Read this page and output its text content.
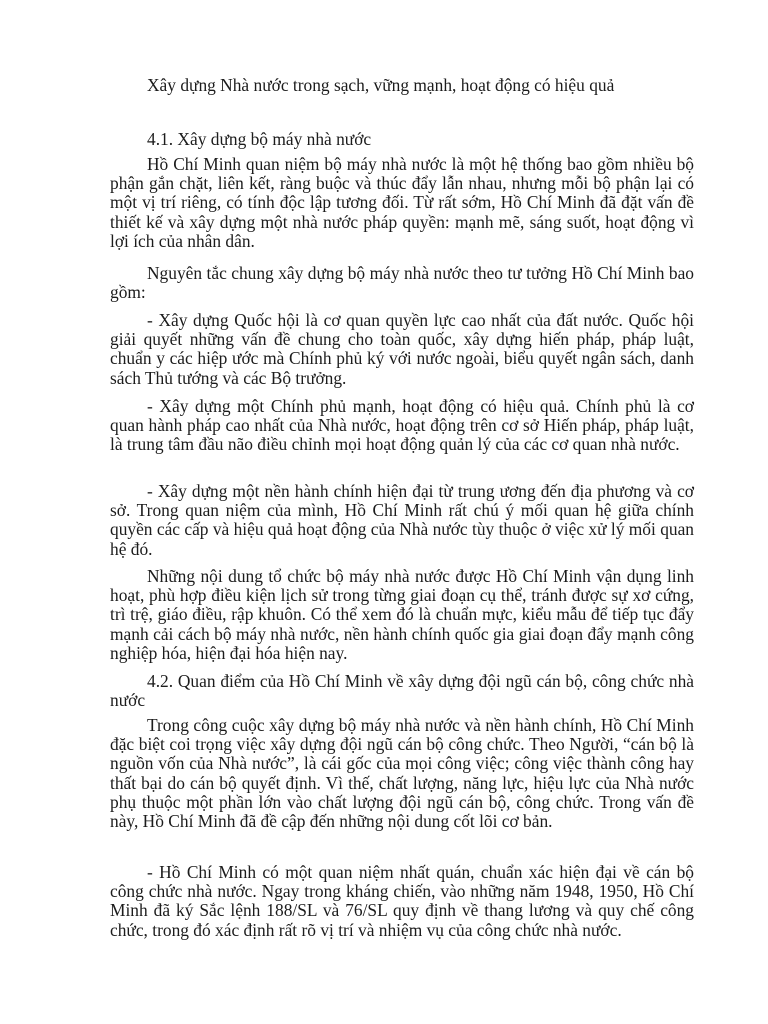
Xây dựng Nhà nước trong sạch, vững mạnh, hoạt động có hiệu quả
4.1. Xây dựng bộ máy nhà nước

Hồ Chí Minh quan niệm bộ máy nhà nước là một hệ thống bao gồm nhiều bộ phận gắn chặt, liên kết, ràng buộc và thúc đẩy lẫn nhau, nhưng mỗi bộ phận lại có một vị trí riêng, có tính độc lập tương đối. Từ rất sớm, Hồ Chí Minh đã đặt vấn đề thiết kế và xây dựng một nhà nước pháp quyền: mạnh mẽ, sáng suốt, hoạt động vì lợi ích của nhân dân.

Nguyên tắc chung xây dựng bộ máy nhà nước theo tư tưởng Hồ Chí Minh bao gồm:

- Xây dựng Quốc hội là cơ quan quyền lực cao nhất của đất nước. Quốc hội giải quyết những vấn đề chung cho toàn quốc, xây dựng hiến pháp, pháp luật, chuẩn y các hiệp ước mà Chính phủ ký với nước ngoài, biểu quyết ngân sách, danh sách Thủ tướng và các Bộ trưởng.

- Xây dựng một Chính phủ mạnh, hoạt động có hiệu quả. Chính phủ là cơ quan hành pháp cao nhất của Nhà nước, hoạt động trên cơ sở Hiến pháp, pháp luật, là trung tâm đầu não điều chỉnh mọi hoạt động quản lý của các cơ quan nhà nước.

- Xây dựng một nền hành chính hiện đại từ trung ương đến địa phương và cơ sở. Trong quan niệm của mình, Hồ Chí Minh rất chú ý mối quan hệ giữa chính quyền các cấp và hiệu quả hoạt động của Nhà nước tùy thuộc ở việc xử lý mối quan hệ đó.

Những nội dung tổ chức bộ máy nhà nước được Hồ Chí Minh vận dụng linh hoạt, phù hợp điều kiện lịch sử trong từng giai đoạn cụ thể, tránh được sự xơ cứng, trì trệ, giáo điều, rập khuôn. Có thể xem đó là chuẩn mực, kiểu mẫu để tiếp tục đẩy mạnh cải cách bộ máy nhà nước, nền hành chính quốc gia giai đoạn đẩy mạnh công nghiệp hóa, hiện đại hóa hiện nay.

4.2. Quan điểm của Hồ Chí Minh về xây dựng đội ngũ cán bộ, công chức nhà nước

Trong công cuộc xây dựng bộ máy nhà nước và nền hành chính, Hồ Chí Minh đặc biệt coi trọng việc xây dựng đội ngũ cán bộ công chức. Theo Người, “cán bộ là nguồn vốn của Nhà nước”, là cái gốc của mọi công việc; công việc thành công hay thất bại do cán bộ quyết định. Vì thế, chất lượng, năng lực, hiệu lực của Nhà nước phụ thuộc một phần lớn vào chất lượng đội ngũ cán bộ, công chức. Trong vấn đề này, Hồ Chí Minh đã đề cập đến những nội dung cốt lõi cơ bản.

- Hồ Chí Minh có một quan niệm nhất quán, chuẩn xác hiện đại về cán bộ công chức nhà nước. Ngay trong kháng chiến, vào những năm 1948, 1950, Hồ Chí Minh đã ký Sắc lệnh 188/SL và 76/SL quy định về thang lương và quy chế công chức, trong đó xác định rất rõ vị trí và nhiệm vụ của công chức nhà nước.
